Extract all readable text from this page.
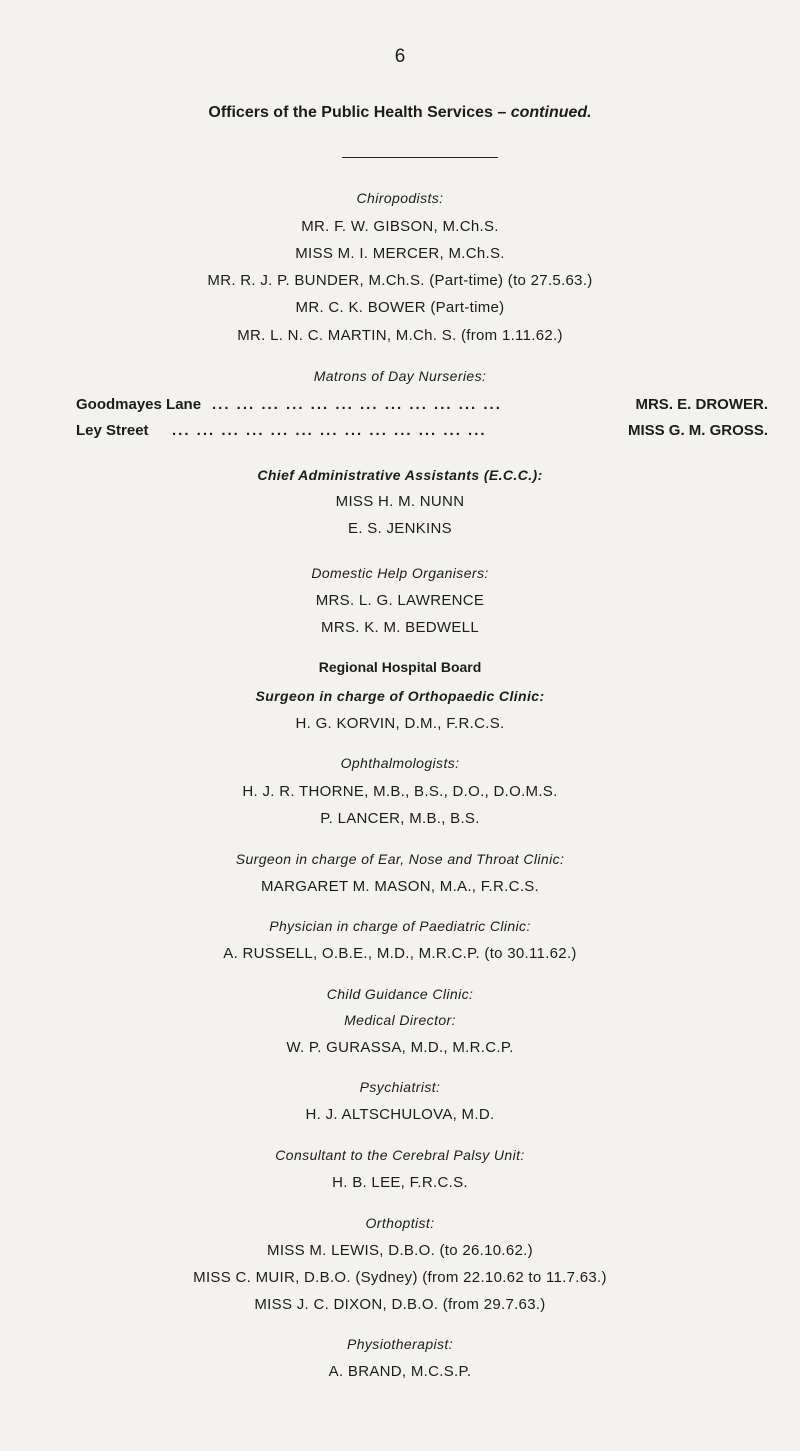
6
Officers of the Public Health Services – continued.
Chiropodists:
MR. F. W. GIBSON, M.Ch.S.
MISS M. I. MERCER, M.Ch.S.
MR. R. J. P. BUNDER, M.Ch.S. (Part-time) (to 27.5.63.)
MR. C. K. BOWER (Part-time)
MR. L. N. C. MARTIN, M.Ch. S. (from 1.11.62.)
Matrons of Day Nurseries:
Goodmayes Lane ... ... ... ... ... ... ... ... ... ... ... ...	MRS. E. DROWER.
Ley Street ... ... ... ... ... ... ... ... ... ... ... ... ...	MISS G. M. GROSS.
Chief Administrative Assistants (E.C.C.):
MISS H. M. NUNN
E. S. JENKINS
Domestic Help Organisers:
MRS. L. G. LAWRENCE
MRS. K. M. BEDWELL
Regional Hospital Board
Surgeon in charge of Orthopaedic Clinic:
H. G. KORVIN, D.M., F.R.C.S.
Ophthalmologists:
H. J. R. THORNE, M.B., B.S., D.O., D.O.M.S.
P. LANCER, M.B., B.S.
Surgeon in charge of Ear, Nose and Throat Clinic:
MARGARET M. MASON, M.A., F.R.C.S.
Physician in charge of Paediatric Clinic:
A. RUSSELL, O.B.E., M.D., M.R.C.P. (to 30.11.62.)
Child Guidance Clinic:
Medical Director:
W. P. GURASSA, M.D., M.R.C.P.
Psychiatrist:
H. J. ALTSCHULOVA, M.D.
Consultant to the Cerebral Palsy Unit:
H. B. LEE, F.R.C.S.
Orthoptist:
MISS M. LEWIS, D.B.O. (to 26.10.62.)
MISS C. MUIR, D.B.O. (Sydney) (from 22.10.62 to 11.7.63.)
MISS J. C. DIXON, D.B.O. (from 29.7.63.)
Physiotherapist:
A. BRAND, M.C.S.P.
